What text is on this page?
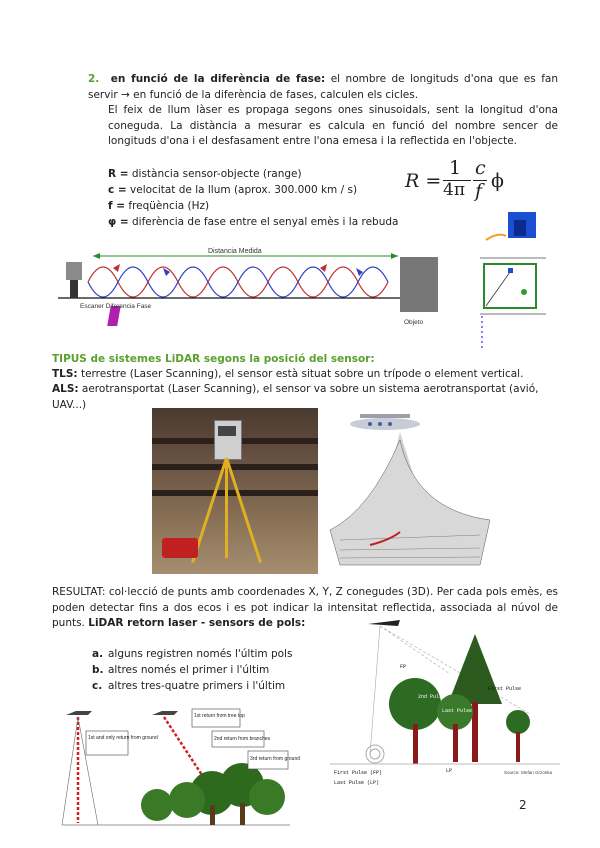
2. en funció de la diferència de fase: el nombre de longituds d'ona que es fan servir → en funció de la diferència de fases, calculen els cicles.
El feix de llum làser es propaga segons ones sinusoidals, sent la longitud d'ona coneguda. La distància a mesurar es calcula en funció del nombre sencer de longituds d'ona i el desfasament entre l'ona emesa i la reflectida en l'objecte.
R = distància sensor-objecte (range)
c = velocitat de la llum (aprox. 300.000 km / s)
f = freqüència (Hz)
φ = diferència de fase entre el senyal emès i la rebuda
R =
1
4π
c
f ϕ
Distancia Medida
Escaner Diferencia Fase
Objeto
TIPUS de sistemes LiDAR segons la posició del sensor:
TLS: terrestre (Laser Scanning), el sensor està situat sobre un trípode o element vertical.
ALS: aerotransportat (Laser Scanning), el sensor va sobre un sistema aerotransportat (avió, UAV...)
RESULTAT: col·lecció de punts amb coordenades X, Y, Z conegudes (3D). Per cada pols emès, es poden detectar fins a dos ecos i es pot indicar la intensitat reflectida, associada al núvol de punts. LiDAR retorn laser - sensors de pols:
a. alguns registren només l'últim pols
b. altres només el primer i l'últim
c. altres tres-quatre primers i l'últim
1st and only return from ground
1st return from tree top
2nd return from branches
3rd return from ground
FP
LP
First Pulse
2nd Pulse
Last Pulse
First Pulse (FP)
Last Pulse (LP)
Source: Stefan Grzonka
2
